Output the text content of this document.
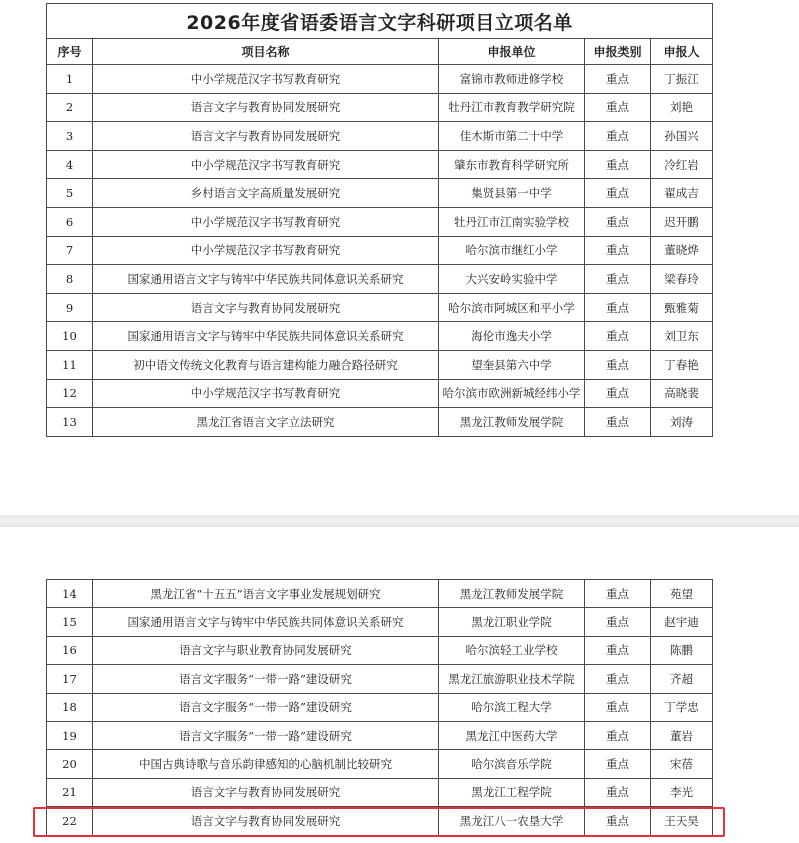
2026年度省语委语言文字科研项目立项名单				
序号	项目名称	申报单位	申报类别	申报人
1	中小学规范汉字书写教育研究	富锦市教师进修学校	重点	丁振江
2	语言文字与教育协同发展研究	牡丹江市教育教学研究院	重点	刘艳
3	语言文字与教育协同发展研究	佳木斯市第二十中学	重点	孙国兴
4	中小学规范汉字书写教育研究	肇东市教育科学研究所	重点	冷红岩
5	乡村语言文字高质量发展研究	集贤县第一中学	重点	翟成吉
6	中小学规范汉字书写教育研究	牡丹江市江南实验学校	重点	迟开鹏
7	中小学规范汉字书写教育研究	哈尔滨市继红小学	重点	董晓烨
8	国家通用语言文字与铸牢中华民族共同体意识关系研究	大兴安岭实验中学	重点	梁春玲
9	语言文字与教育协同发展研究	哈尔滨市阿城区和平小学	重点	甄雅菊
10	国家通用语言文字与铸牢中华民族共同体意识关系研究	海伦市逸夫小学	重点	刘卫东
11	初中语文传统文化教育与语言建构能力融合路径研究	望奎县第六中学	重点	丁春艳
12	中小学规范汉字书写教育研究	哈尔滨市欧洲新城经纬小学	重点	高晓裴
13	黑龙江省语言文字立法研究	黑龙江教师发展学院	重点	刘涛
14	黑龙江省“十五五”语言文字事业发展规划研究	黑龙江教师发展学院	重点	苑望
15	国家通用语言文字与铸牢中华民族共同体意识关系研究	黑龙江职业学院	重点	赵宇迪
16	语言文字与职业教育协同发展研究	哈尔滨轻工业学校	重点	陈鹏
17	语言文字服务“一带一路”建设研究	黑龙江旅游职业技术学院	重点	齐超
18	语言文字服务“一带一路”建设研究	哈尔滨工程大学	重点	丁学忠
19	语言文字服务“一带一路”建设研究	黑龙江中医药大学	重点	董岩
20	中国古典诗歌与音乐韵律感知的心脑机制比较研究	哈尔滨音乐学院	重点	宋蓓
21	语言文字与教育协同发展研究	黑龙江工程学院	重点	李光
22	语言文字与教育协同发展研究	黑龙江八一农垦大学	重点	王天昊
